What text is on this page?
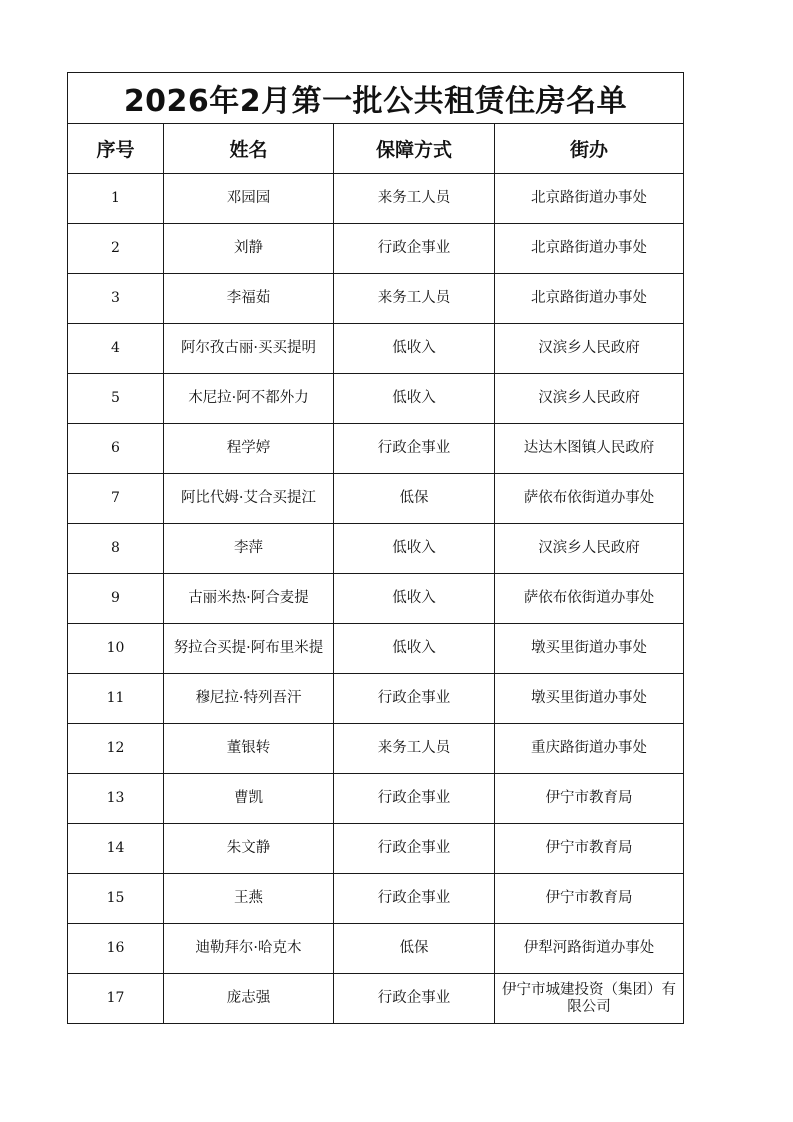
2026年2月第一批公共租赁住房名单			
序号	姓名	保障方式	街办
1	邓园园	来务工人员	北京路街道办事处
2	刘静	行政企事业	北京路街道办事处
3	李福茹	来务工人员	北京路街道办事处
4	阿尔孜古丽·买买提明	低收入	汉滨乡人民政府
5	木尼拉·阿不都外力	低收入	汉滨乡人民政府
6	程学婷	行政企事业	达达木图镇人民政府
7	阿比代姆·艾合买提江	低保	萨依布依街道办事处
8	李萍	低收入	汉滨乡人民政府
9	古丽米热·阿合麦提	低收入	萨依布依街道办事处
10	努拉合买提·阿布里米提	低收入	墩买里街道办事处
11	穆尼拉·特列吾汗	行政企事业	墩买里街道办事处
12	董银转	来务工人员	重庆路街道办事处
13	曹凯	行政企事业	伊宁市教育局
14	朱文静	行政企事业	伊宁市教育局
15	王燕	行政企事业	伊宁市教育局
16	迪勒拜尔·哈克木	低保	伊犁河路街道办事处
17	庞志强	行政企事业	伊宁市城建投资（集团）有限公司
